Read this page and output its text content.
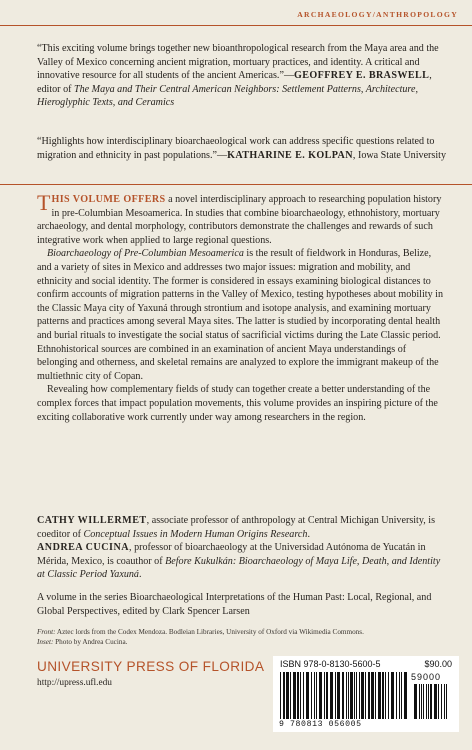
ARCHAEOLOGY/ANTHROPOLOGY
“This exciting volume brings together new bioanthropological research from the Maya area and the Valley of Mexico concerning ancient migration, mortuary practices, and identity. A critical and innovative resource for all students of the ancient Americas.”—GEOFFREY E. BRASWELL, editor of The Maya and Their Central American Neighbors: Settlement Patterns, Architecture, Hieroglyphic Texts, and Ceramics
“Highlights how interdisciplinary bioarchaeological work can address specific questions related to migration and ethnicity in past populations.”—KATHARINE E. KOLPAN, Iowa State University

THIS VOLUME OFFERS a novel interdisciplinary approach to researching population history in pre-Columbian Mesoamerica. In studies that combine bioarchaeology, ethnohistory, mortuary archaeology, and dental morphology, contributors demonstrate the challenges and rewards of such integrative work when applied to large regional questions.

Bioarchaeology of Pre-Columbian Mesoamerica is the result of fieldwork in Honduras, Belize, and a variety of sites in Mexico and addresses two major issues: migration and mobility, and ethnicity and social identity. The former is considered in essays examining biological distances to confirm accounts of migration patterns in the Valley of Mexico, testing hypotheses about mobility in the Classic Maya city of Yaxuná through strontium and isotope analysis, and examining mortuary patterns and practices among several Maya sites. The latter is studied by incorporating dental health and burial rituals to investigate the social status of sacrificial victims during the Late Classic period. Ethnohistorical sources are combined in an examination of ancient Maya understandings of belonging and otherness, and skeletal remains are analyzed to explore the immigrant makeup of the multiethnic city of Copan.

Revealing how complementary fields of study can together create a better understanding of the complex forces that impact population movements, this volume provides an inspiring picture of the exciting collaborative work currently under way among researchers in the region.

CATHY WILLERMET, associate professor of anthropology at Central Michigan University, is coeditor of Conceptual Issues in Modern Human Origins Research.

ANDREA CUCINA, professor of bioarchaeology at the Universidad Autónoma de Yucatán in Mérida, Mexico, is coauthor of Before Kukulkán: Bioarchaeology of Maya Life, Death, and Identity at Classic Period Yaxuná.

A volume in the series Bioarchaeological Interpretations of the Human Past: Local, Regional, and Global Perspectives, edited by Clark Spencer Larsen
Front: Aztec lords from the Codex Mendoza. Bodleian Libraries, University of Oxford via Wikimedia Commons.
Inset: Photo by Andrea Cucina.
UNIVERSITY PRESS OF FLORIDA
http://upress.ufl.edu
ISBN 978-0-8130-5600-5	$90.00
59000
9 780813 056005
